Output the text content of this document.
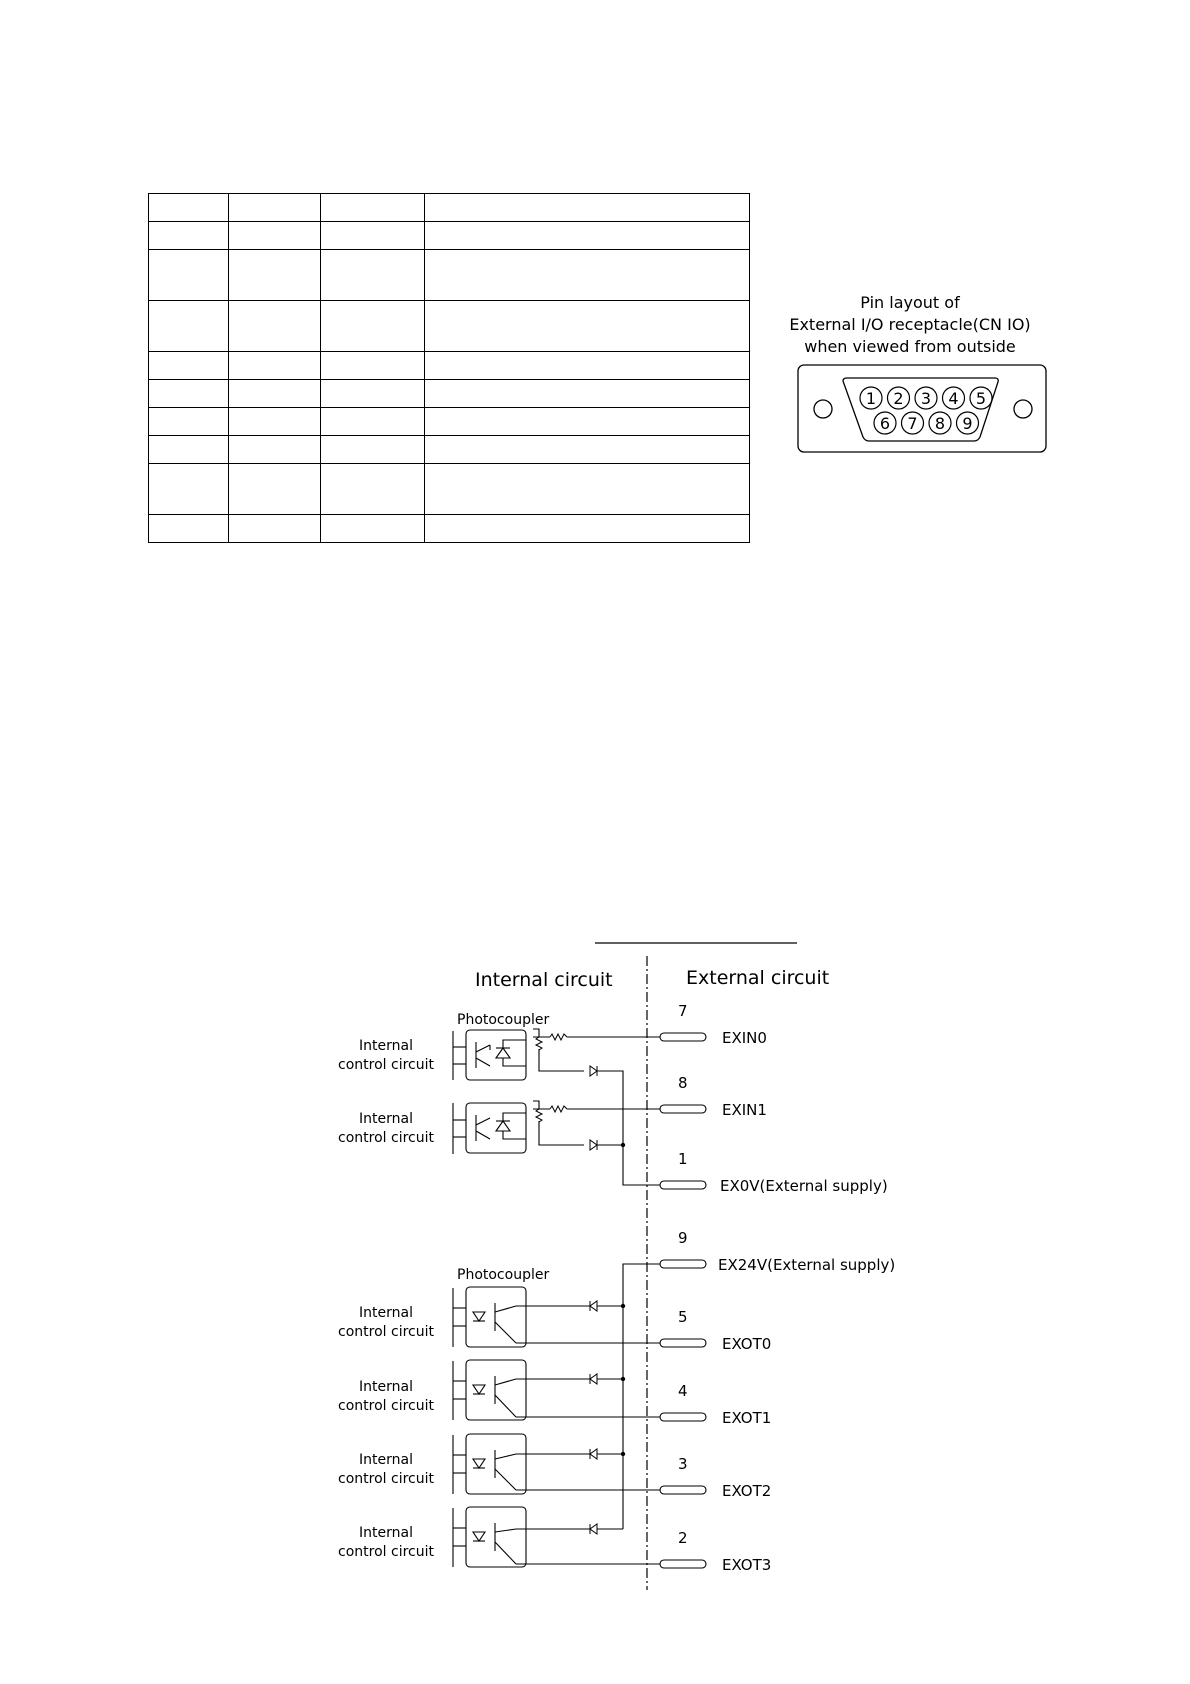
Pin layout of
External I/O receptacle(CN IO)
when viewed from outside
1 2 3 4 5
6 7 8 9
Internal circuit	External circuit
Photocoupler
Photocoupler
Internal
control circuit
Internal
control circuit
Internal
control circuit
Internal
control circuit
Internal
control circuit
Internal
control circuit
7
EXIN0
8
EXIN1
1
EX0V(External supply)
9
EX24V(External supply)
5
EXOT0
4
EXOT1
3
EXOT2
2
EXOT3
